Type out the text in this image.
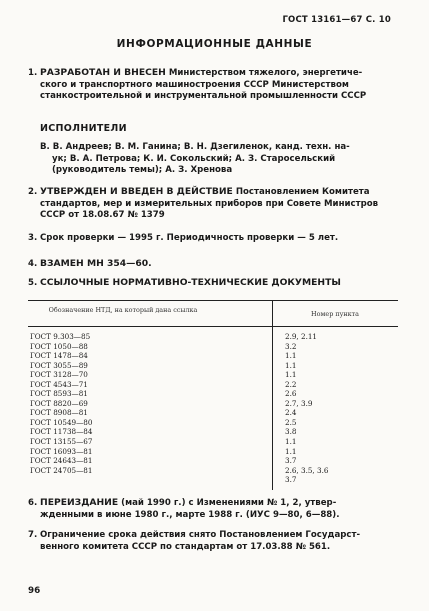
ГОСТ 13161—67 С. 10
ИНФОРМАЦИОННЫЕ ДАННЫЕ
1. РАЗРАБОТАН И ВНЕСЕН Министерством тяжелого, энергетиче-
ского и транспортного машиностроения СССР Министерством станкостроительной и инструментальной промышленности СССР
ИСПОЛНИТЕЛИ
В. В. Андреев; В. М. Ганина; В. Н. Дзегиленок, канд. техн. на-
ук; В. А. Петрова; К. И. Сокольский; А. З. Старосельский (руководитель темы); А. З. Хренова
2. УТВЕРЖДЕН И ВВЕДЕН В ДЕЙСТВИЕ Постановлением Комитета
стандартов, мер и измерительных приборов при Совете Министров СССР от 18.08.67 № 1379
3. Срок проверки — 1995 г. Периодичность проверки — 5 лет.
4. ВЗАМЕН МН 354—60.
5. ССЫЛОЧНЫЕ НОРМАТИВНО-ТЕХНИЧЕСКИЕ ДОКУМЕНТЫ
Обозначение НТД, на который дана ссылка	Номер пункта
ГОСТ 9.303—85	2.9, 2.11
ГОСТ 1050—88	3.2
ГОСТ 1478—84	1.1
ГОСТ 3055—89	1.1
ГОСТ 3128—70	1.1
ГОСТ 4543—71	2.2
ГОСТ 8593—81	2.6
ГОСТ 8820—69	2.7, 3.9
ГОСТ 8908—81	2.4
ГОСТ 10549—80	2.5
ГОСТ 11738—84	3.8
ГОСТ 13155—67	1.1
ГОСТ 16093—81	1.1
ГОСТ 24643—81	3.7
ГОСТ 24705—81	2.6, 3.5, 3.6
3.7
6. ПЕРЕИЗДАНИЕ (май 1990 г.) с Изменениями № 1, 2, утвер-
жденными в июне 1980 г., марте 1988 г. (ИУС 9—80, 6—88).
7. Ограничение срока действия снято Постановлением Государст-
венного комитета СССР по стандартам от 17.03.88 № 561.
96
